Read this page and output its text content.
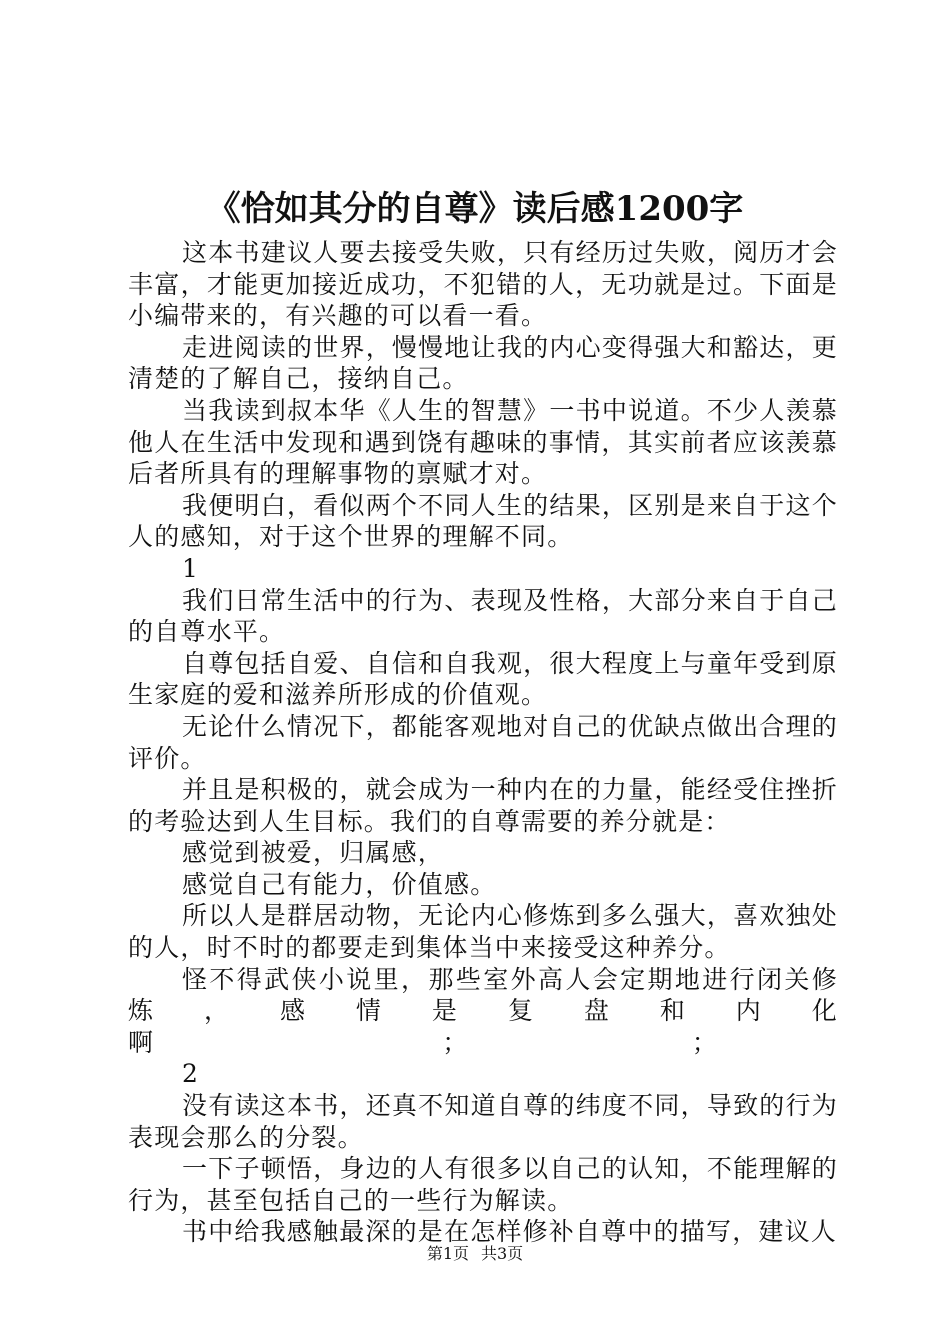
《恰如其分的自尊》读后感1200字

这本书建议人要去接受失败，只有经历过失败，阅历才会丰富，才能更加接近成功，不犯错的人，无功就是过。下面是小编带来的，有兴趣的可以看一看。

走进阅读的世界，慢慢地让我的内心变得强大和豁达，更清楚的了解自己，接纳自己。

当我读到叔本华《人生的智慧》一书中说道。不少人羡慕他人在生活中发现和遇到饶有趣味的事情，其实前者应该羡慕后者所具有的理解事物的禀赋才对。

我便明白，看似两个不同人生的结果，区别是来自于这个人的感知，对于这个世界的理解不同。

1

我们日常生活中的行为、表现及性格，大部分来自于自己的自尊水平。

自尊包括自爱、自信和自我观，很大程度上与童年受到原生家庭的爱和滋养所形成的价值观。

无论什么情况下，都能客观地对自己的优缺点做出合理的评价。

并且是积极的，就会成为一种内在的力量，能经受住挫折的考验达到人生目标。我们的自尊需要的养分就是：

感觉到被爱，归属感，

感觉自己有能力，价值感。

所以人是群居动物，无论内心修炼到多么强大，喜欢独处的人，时不时的都要走到集体当中来接受这种养分。

怪不得武侠小说里，那些室外高人会定期地进行闭关修炼，感情是复盘和内化啊　　　　　　　　　　　；　　　　　　　　　；

2

没有读这本书，还真不知道自尊的纬度不同，导致的行为表现会那么的分裂。

一下子顿悟，身边的人有很多以自己的认知，不能理解的行为，甚至包括自己的一些行为解读。

书中给我感触最深的是在怎样修补自尊中的描写，建议人

第1页 共3页
